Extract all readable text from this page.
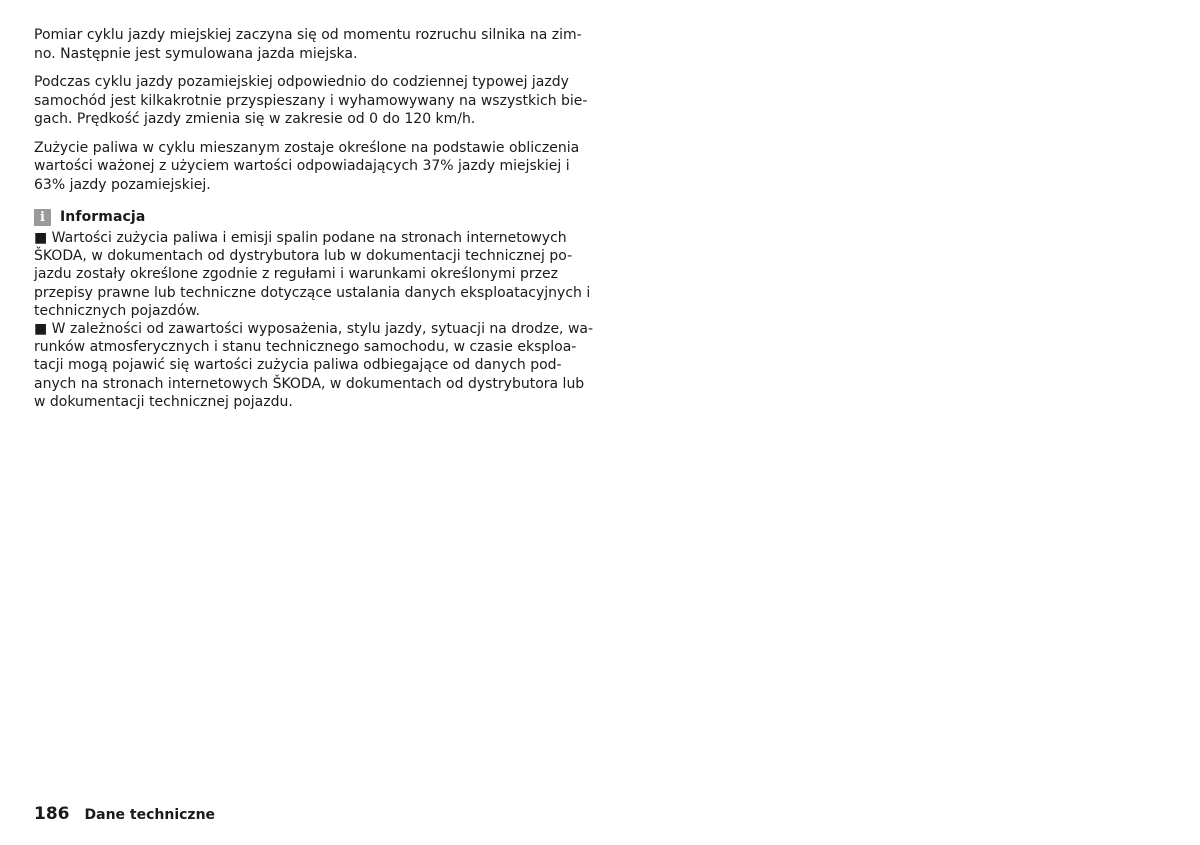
Pomiar cyklu jazdy miejskiej zaczyna się od momentu rozruchu silnika na zim-
no. Następnie jest symulowana jazda miejska.

Podczas cyklu jazdy pozamiejskiej odpowiednio do codziennej typowej jazdy
samochód jest kilkakrotnie przyspieszany i wyhamowywany na wszystkich bie-
gach. Prędkość jazdy zmienia się w zakresie od 0 do 120 km/h.

Zużycie paliwa w cyklu mieszanym zostaje określone na podstawie obliczenia
wartości ważonej z użyciem wartości odpowiadających 37% jazdy miejskiej i
63% jazdy pozamiejskiej.

i	Informacja
■ Wartości zużycia paliwa i emisji spalin podane na stronach internetowych
ŠKODA, w dokumentach od dystrybutora lub w dokumentacji technicznej po-
jazdu zostały określone zgodnie z regułami i warunkami określonymi przez
przepisy prawne lub techniczne dotyczące ustalania danych eksploatacyjnych i
technicznych pojazdów.
■ W zależności od zawartości wyposażenia, stylu jazdy, sytuacji na drodze, wa-
runków atmosferycznych i stanu technicznego samochodu, w czasie eksploa-
tacji mogą pojawić się wartości zużycia paliwa odbiegające od danych pod-
anych na stronach internetowych ŠKODA, w dokumentach od dystrybutora lub
w dokumentacji technicznej pojazdu.
186 Dane techniczne
